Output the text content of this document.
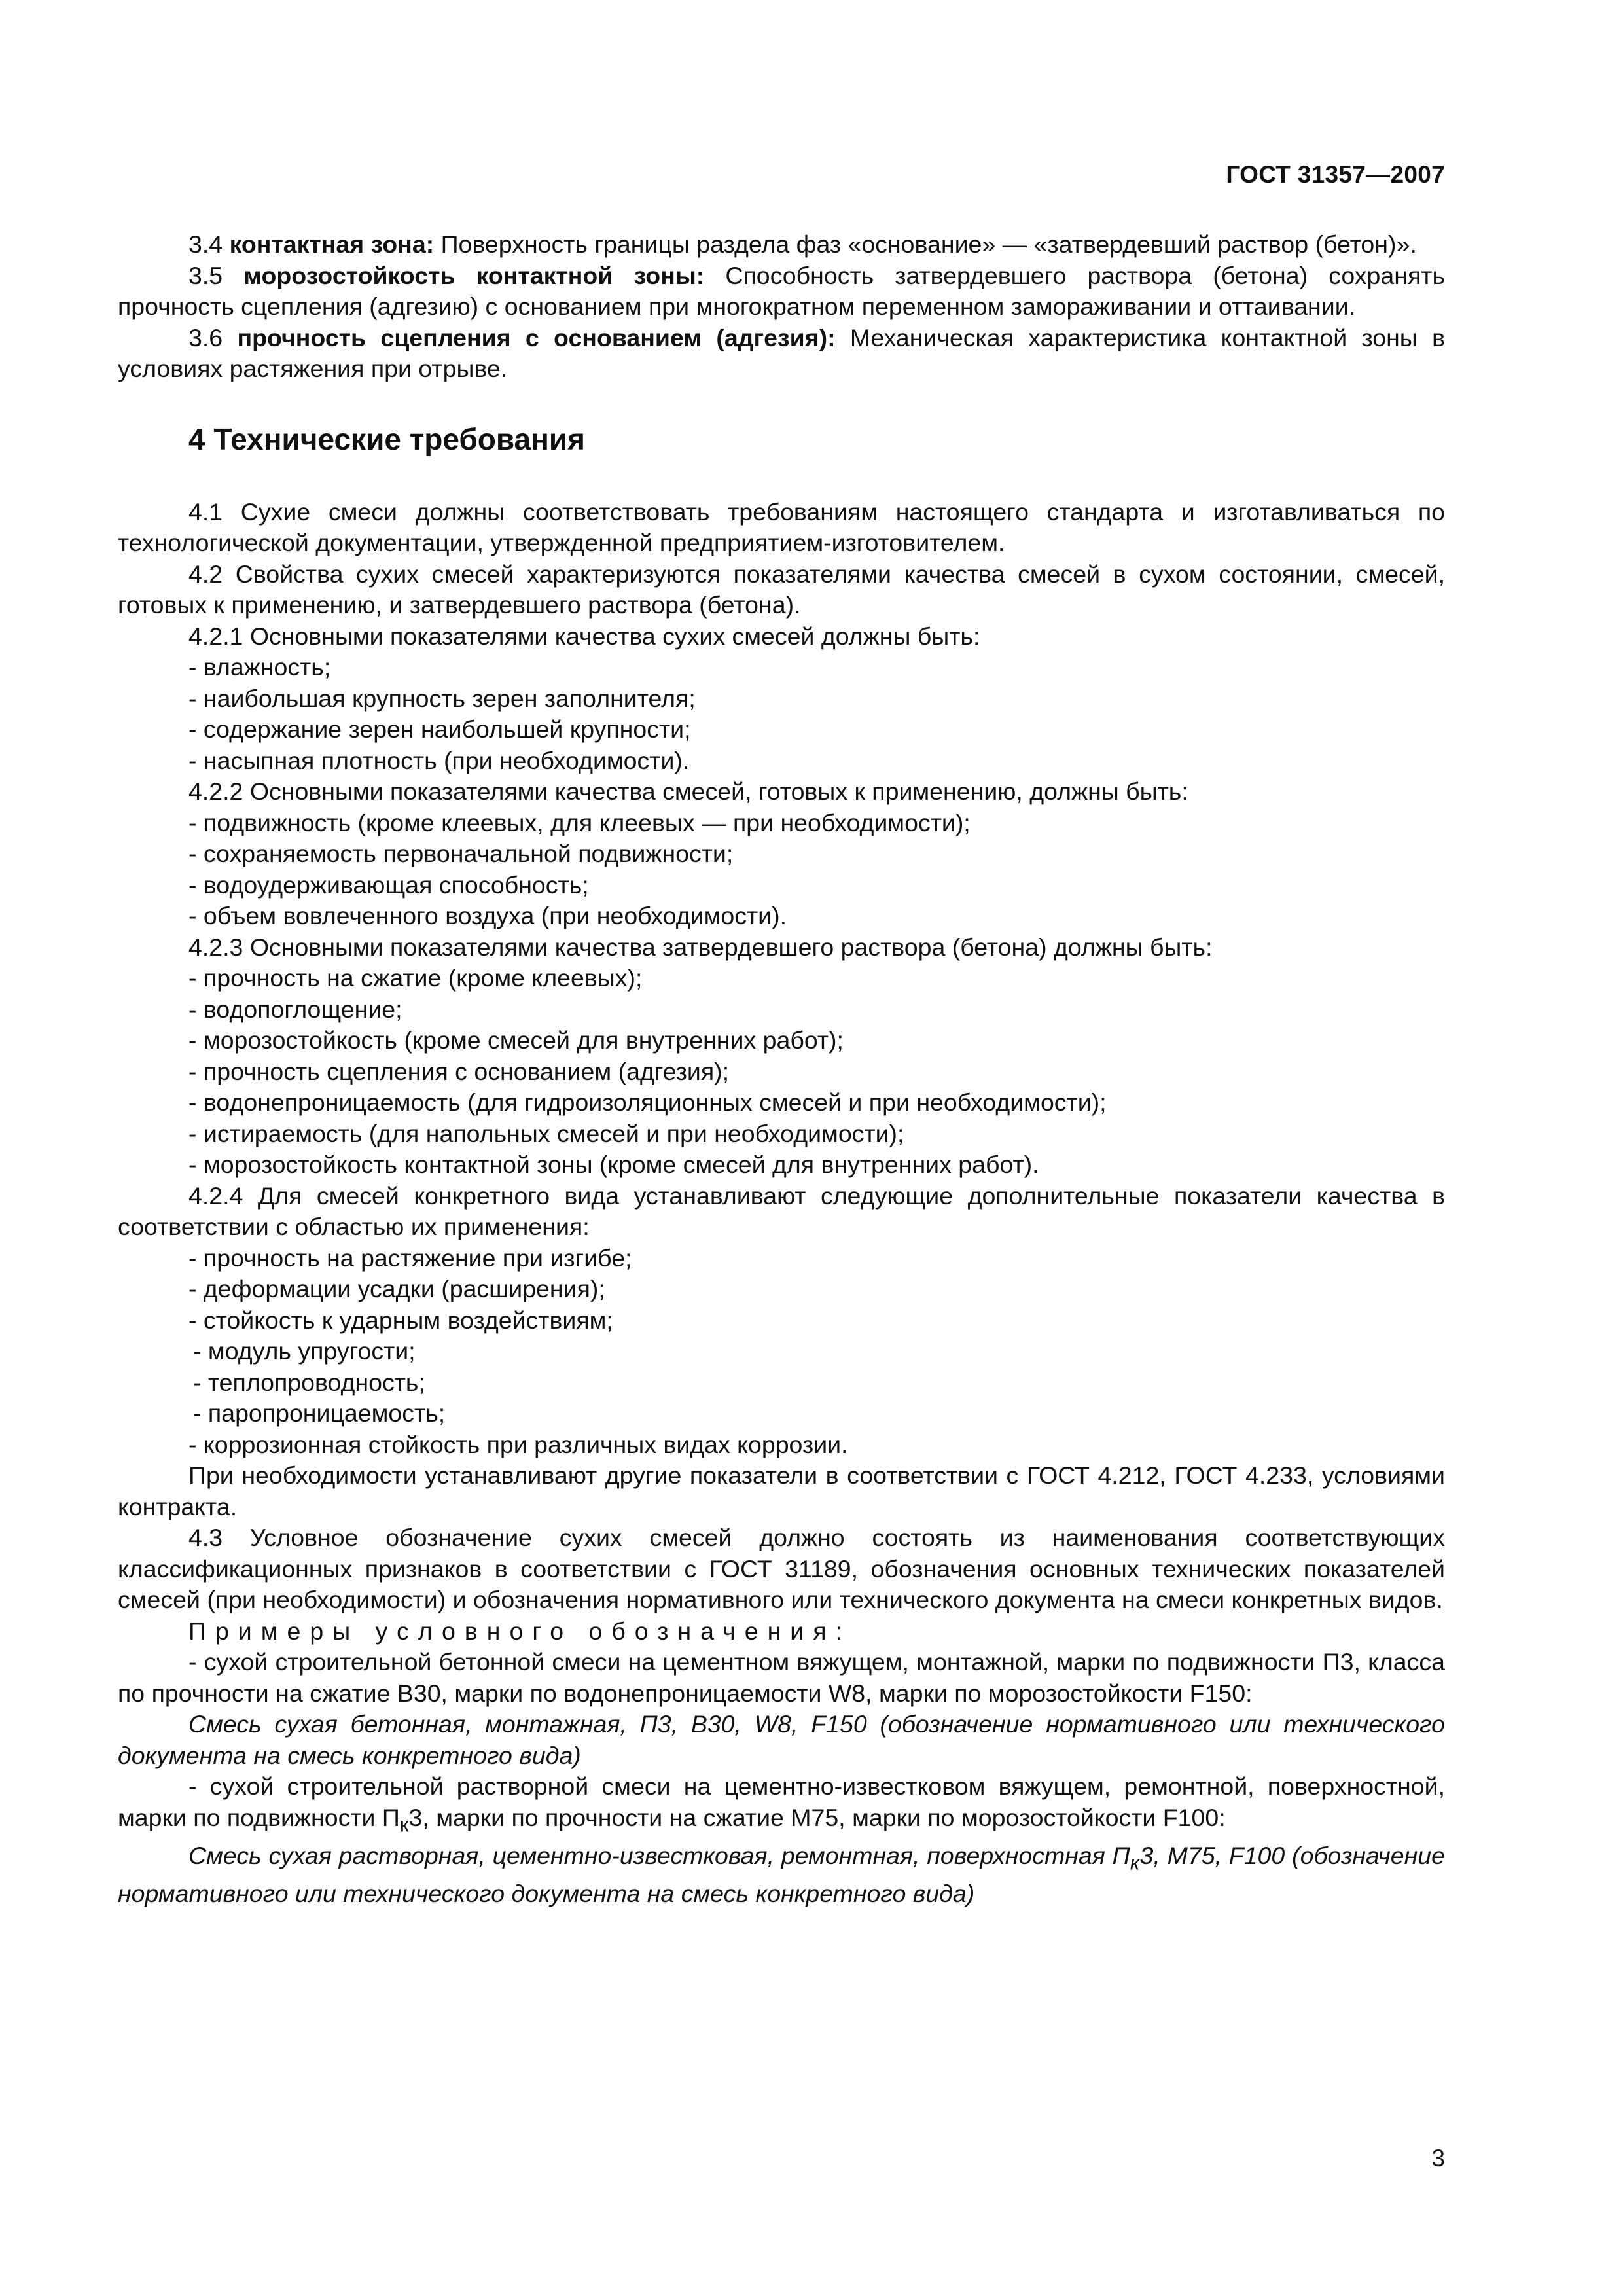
ГОСТ 31357—2007

3.4 контактная зона: Поверхность границы раздела фаз «основание» — «затвердевший раствор (бетон)».

3.5 морозостойкость контактной зоны: Способность затвердевшего раствора (бетона) сохранять прочность сцепления (адгезию) с основанием при многократном переменном замораживании и оттаивании.

3.6 прочность сцепления с основанием (адгезия): Механическая характеристика контактной зоны в условиях растяжения при отрыве.

4 Технические требования

4.1 Сухие смеси должны соответствовать требованиям настоящего стандарта и изготавливаться по технологической документации, утвержденной предприятием-изготовителем.

4.2 Свойства сухих смесей характеризуются показателями качества смесей в сухом состоянии, смесей, готовых к применению, и затвердевшего раствора (бетона).

4.2.1 Основными показателями качества сухих смесей должны быть:

- влажность;

- наибольшая крупность зерен заполнителя;

- содержание зерен наибольшей крупности;

- насыпная плотность (при необходимости).

4.2.2 Основными показателями качества смесей, готовых к применению, должны быть:

- подвижность (кроме клеевых, для клеевых — при необходимости);

- сохраняемость первоначальной подвижности;

- водоудерживающая способность;

- объем вовлеченного воздуха (при необходимости).

4.2.3 Основными показателями качества затвердевшего раствора (бетона) должны быть:

- прочность на сжатие (кроме клеевых);

- водопоглощение;

- морозостойкость (кроме смесей для внутренних работ);

- прочность сцепления с основанием (адгезия);

- водонепроницаемость (для гидроизоляционных смесей и при необходимости);

- истираемость (для напольных смесей и при необходимости);

- морозостойкость контактной зоны (кроме смесей для внутренних работ).

4.2.4 Для смесей конкретного вида устанавливают следующие дополнительные показатели качества в соответствии с областью их применения:

- прочность на растяжение при изгибе;

- деформации усадки (расширения);

- стойкость к ударным воздействиям;

- модуль упругости;

- теплопроводность;

- паропроницаемость;

- коррозионная стойкость при различных видах коррозии.

При необходимости устанавливают другие показатели в соответствии с ГОСТ 4.212, ГОСТ 4.233, условиями контракта.

4.3 Условное обозначение сухих смесей должно состоять из наименования соответствующих классификационных признаков в соответствии с ГОСТ 31189, обозначения основных технических показателей смесей (при необходимости) и обозначения нормативного или технического документа на смеси конкретных видов.

Примеры условного обозначения:

- сухой строительной бетонной смеси на цементном вяжущем, монтажной, марки по подвижности П3, класса по прочности на сжатие В30, марки по водонепроницаемости W8, марки по морозостойкости F150:

Смесь сухая бетонная, монтажная, П3, В30, W8, F150 (обозначение нормативного или технического документа на смесь конкретного вида)

- сухой строительной растворной смеси на цементно-известковом вяжущем, ремонтной, поверхностной, марки по подвижности $П_к3$, марки по прочности на сжатие М75, марки по морозостойкости F100:

Смесь сухая растворная, цементно-известковая, ремонтная, поверхностная $П_к3$, М75, F100 (обозначение нормативного или технического документа на смесь конкретного вида)

3
